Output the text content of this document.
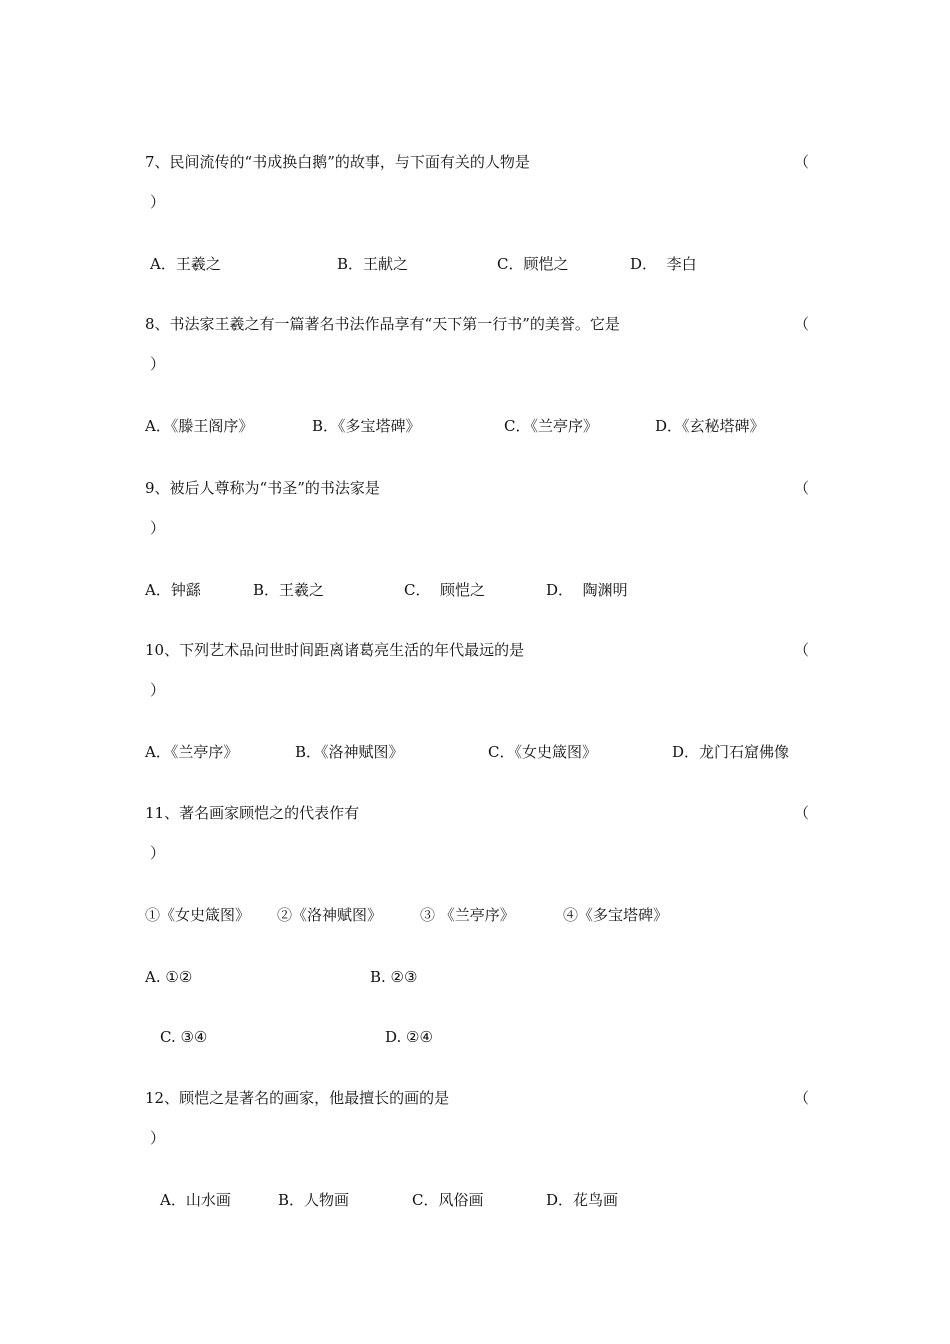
7、民间流传的“书成换白鹅”的故事，与下面有关的人物是	（
）
A．王羲之	B．王献之	C．顾恺之	D．  李白
8、书法家王羲之有一篇著名书法作品享有“天下第一行书”的美誉。它是	（
）
A．《滕王阁序》	B．《多宝塔碑》	C．《兰亭序》	D．《玄秘塔碑》
9、被后人尊称为“书圣”的书法家是	（
）
A．钟繇	B．王羲之	C．  顾恺之	D．  陶渊明
10、下列艺术品问世时间距离诸葛亮生活的年代最远的是	（
）
A．《兰亭序》	B．《洛神赋图》	C．《女史箴图》	D．龙门石窟佛像
11、著名画家顾恺之的代表作有	（
）
①《女史箴图》 ②《洛神赋图》	③ 《兰亭序》	④《多宝塔碑》
A. ①②	B. ②③
C. ③④	D. ②④
12、顾恺之是著名的画家，他最擅长的画的是	（
）
A．山水画	B．人物画	C．风俗画	D．花鸟画
